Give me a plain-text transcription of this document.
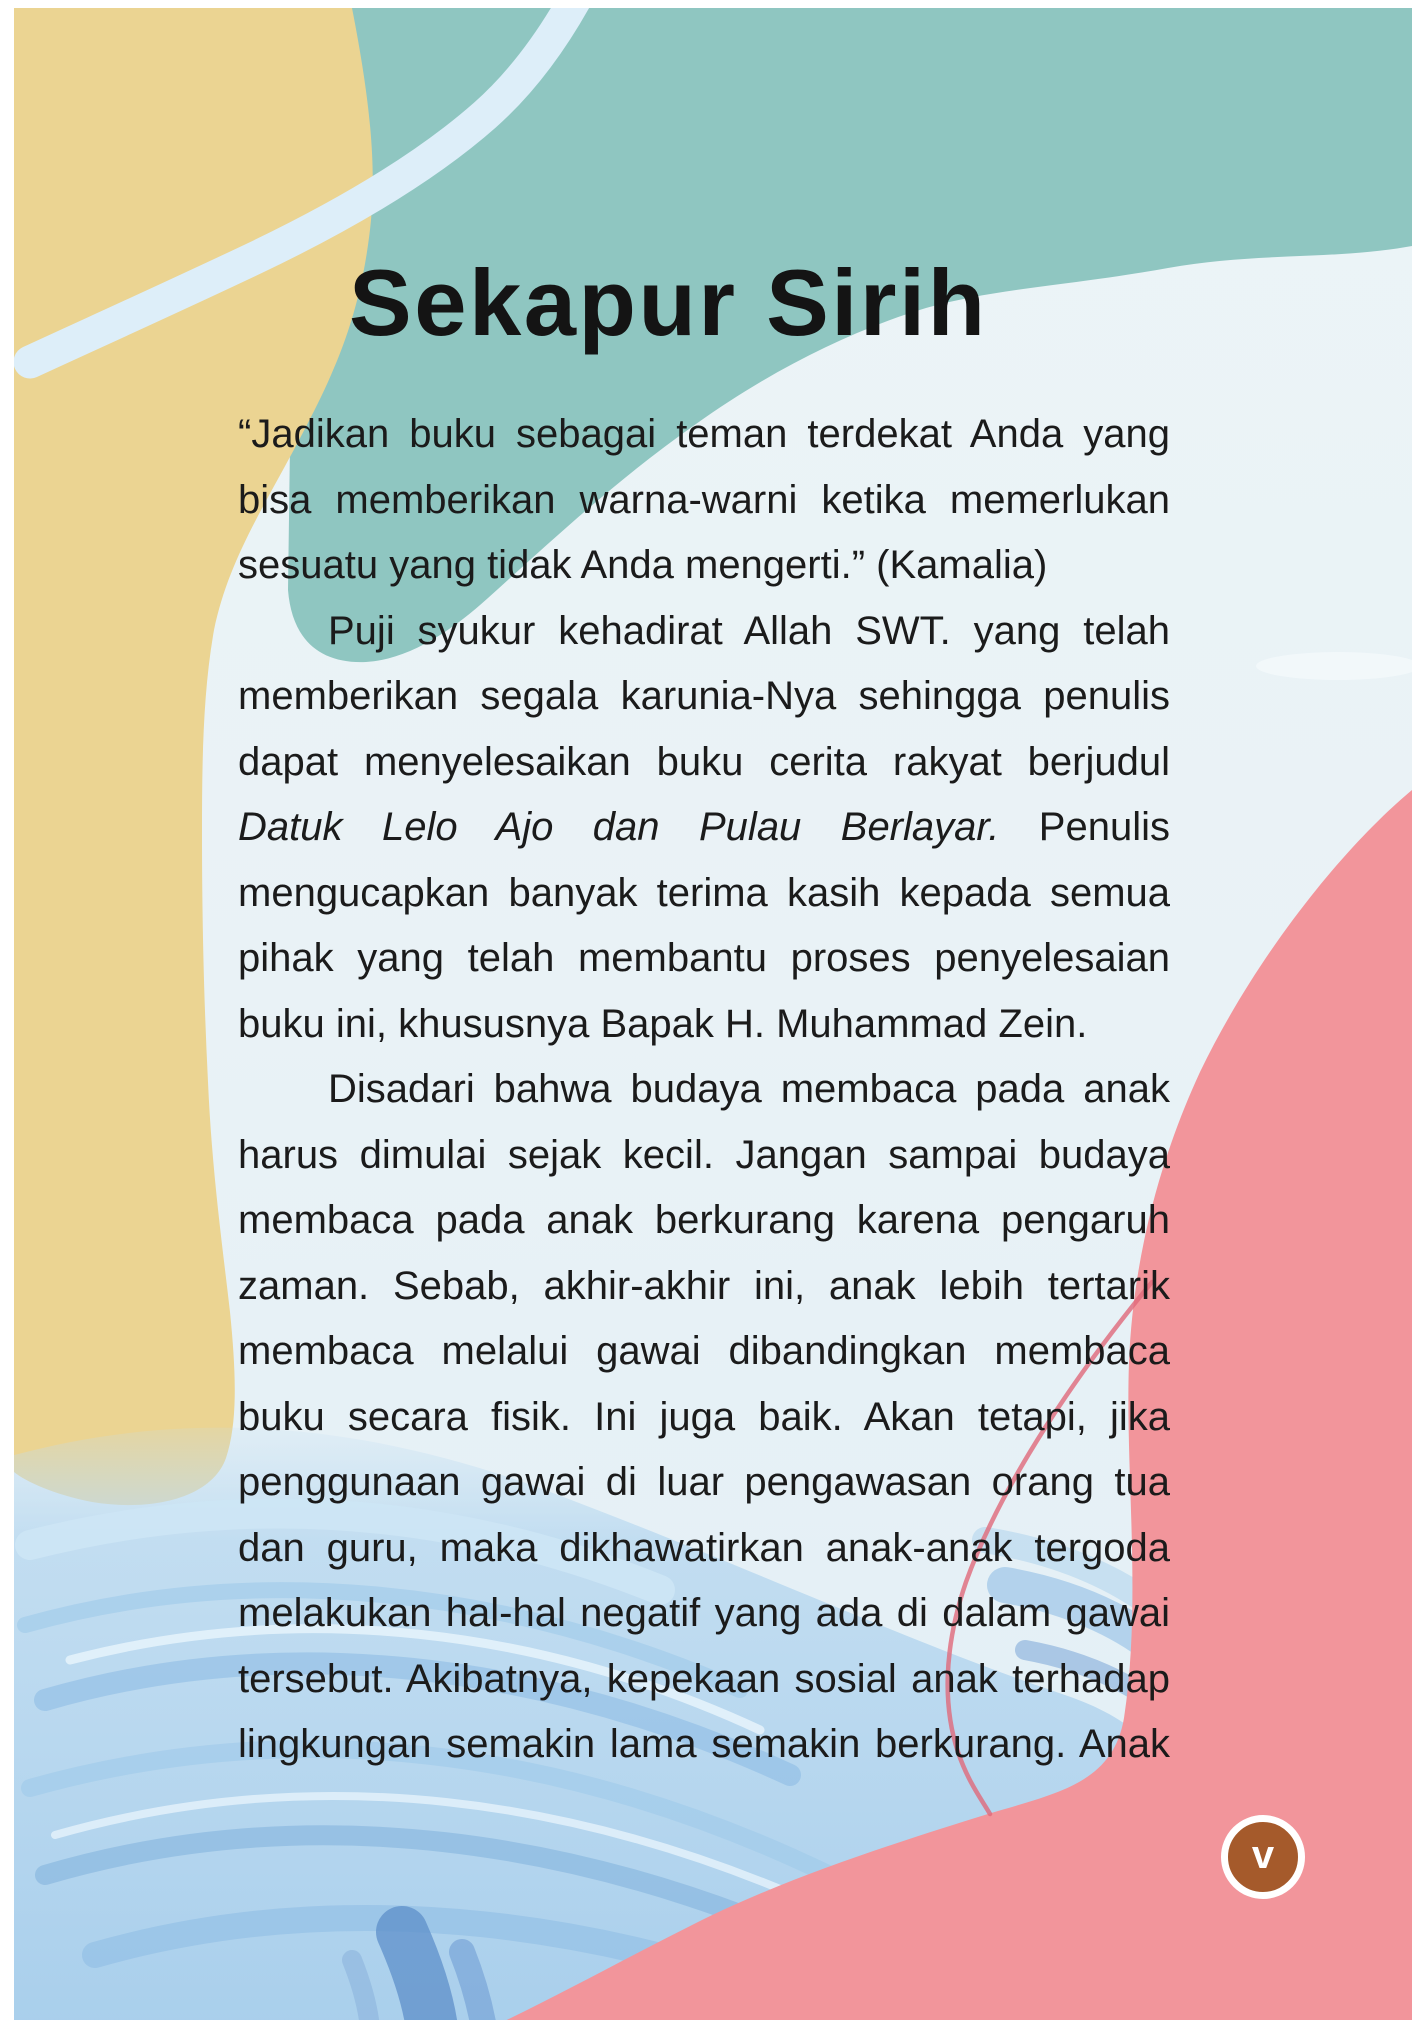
Sekapur Sirih
“Jadikan buku sebagai teman terdekat Anda yang
bisa memberikan warna-warni ketika memerlukan
sesuatu yang tidak Anda mengerti.” (Kamalia)
Puji syukur kehadirat Allah SWT. yang telah
memberikan segala karunia-Nya sehingga penulis
dapat menyelesaikan buku cerita rakyat berjudul
Datuk Lelo Ajo dan Pulau Berlayar. Penulis
mengucapkan banyak terima kasih kepada semua
pihak yang telah membantu proses penyelesaian
buku ini, khususnya Bapak H. Muhammad Zein.
Disadari bahwa budaya membaca pada anak
harus dimulai sejak kecil. Jangan sampai budaya
membaca pada anak berkurang karena pengaruh
zaman. Sebab, akhir-akhir ini, anak lebih tertarik
membaca melalui gawai dibandingkan membaca
buku secara fisik. Ini juga baik. Akan tetapi, jika
penggunaan gawai di luar pengawasan orang tua
dan guru, maka dikhawatirkan anak-anak tergoda
melakukan hal-hal negatif yang ada di dalam gawai
tersebut. Akibatnya, kepekaan sosial anak terhadap
lingkungan semakin lama semakin berkurang. Anak
v
